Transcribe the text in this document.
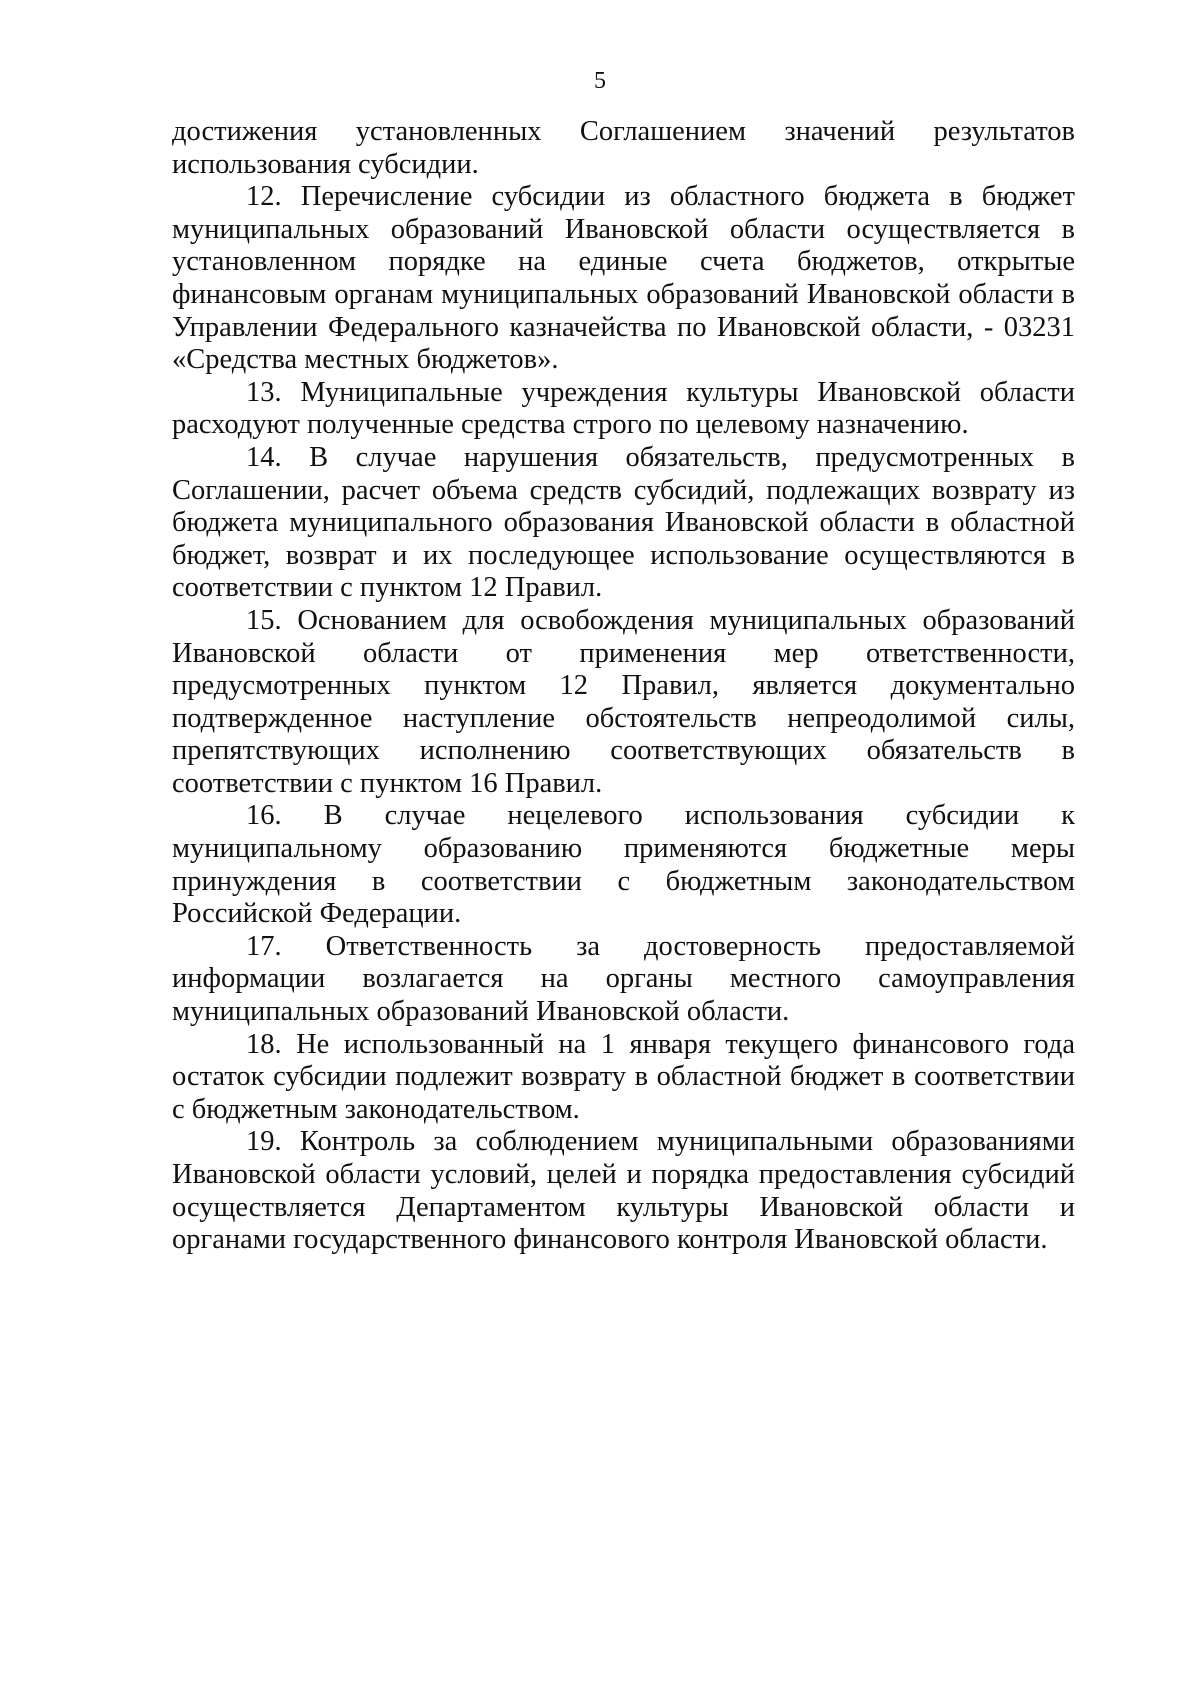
5

достижения установленных Соглашением значений результатов использования субсидии.

12. Перечисление субсидии из областного бюджета в бюджет муниципальных образований Ивановской области осуществляется в установленном порядке на единые счета бюджетов, открытые финансовым органам муниципальных образований Ивановской области в Управлении Федерального казначейства по Ивановской области, - 03231 «Средства местных бюджетов».

13. Муниципальные учреждения культуры Ивановской области расходуют полученные средства строго по целевому назначению.

14. В случае нарушения обязательств, предусмотренных в Соглашении, расчет объема средств субсидий, подлежащих возврату из бюджета муниципального образования Ивановской области в областной бюджет, возврат и их последующее использование осуществляются в соответствии с пунктом 12 Правил.

15. Основанием для освобождения муниципальных образований Ивановской области от применения мер ответственности, предусмотренных пунктом 12 Правил, является документально подтвержденное наступление обстоятельств непреодолимой силы, препятствующих исполнению соответствующих обязательств в соответствии с пунктом 16 Правил.

16. В случае нецелевого использования субсидии к муниципальному образованию применяются бюджетные меры принуждения в соответствии с бюджетным законодательством Российской Федерации.

17. Ответственность за достоверность предоставляемой информации возлагается на органы местного самоуправления муниципальных образований Ивановской области.

18. Не использованный на 1 января текущего финансового года остаток субсидии подлежит возврату в областной бюджет в соответствии с бюджетным законодательством.

19. Контроль за соблюдением муниципальными образованиями Ивановской области условий, целей и порядка предоставления субсидий осуществляется Департаментом культуры Ивановской области и органами государственного финансового контроля Ивановской области.
